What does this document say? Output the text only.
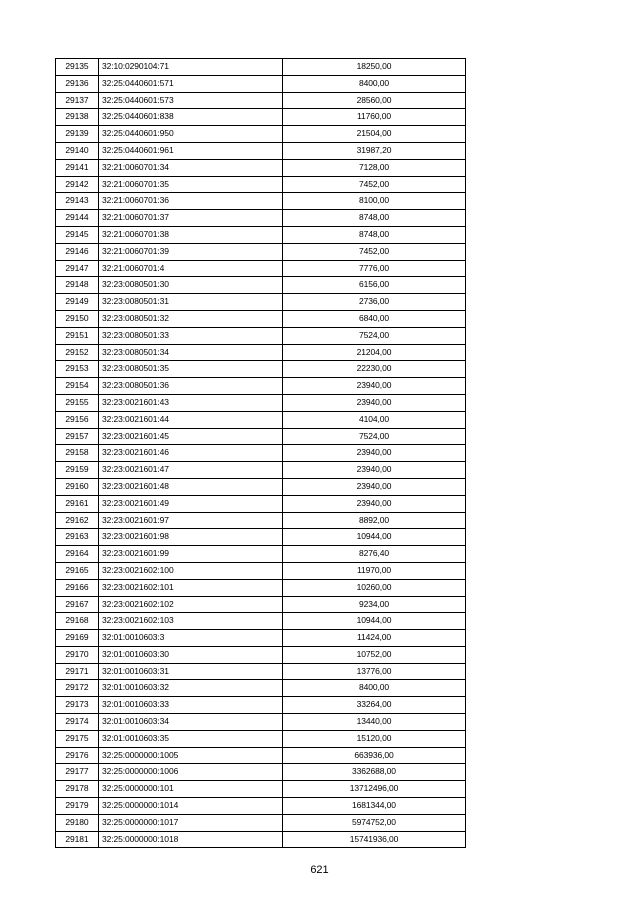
29135	32:10:0290104:71	18250,00
29136	32:25:0440601:571	8400,00
29137	32:25:0440601:573	28560,00
29138	32:25:0440601:838	11760,00
29139	32:25:0440601:950	21504,00
29140	32:25:0440601:961	31987,20
29141	32:21:0060701:34	7128,00
29142	32:21:0060701:35	7452,00
29143	32:21:0060701:36	8100,00
29144	32:21:0060701:37	8748,00
29145	32:21:0060701:38	8748,00
29146	32:21:0060701:39	7452,00
29147	32:21:0060701:4	7776,00
29148	32:23:0080501:30	6156,00
29149	32:23:0080501:31	2736,00
29150	32:23:0080501:32	6840,00
29151	32:23:0080501:33	7524,00
29152	32:23:0080501:34	21204,00
29153	32:23:0080501:35	22230,00
29154	32:23:0080501:36	23940,00
29155	32:23:0021601:43	23940,00
29156	32:23:0021601:44	4104,00
29157	32:23:0021601:45	7524,00
29158	32:23:0021601:46	23940,00
29159	32:23:0021601:47	23940,00
29160	32:23:0021601:48	23940,00
29161	32:23:0021601:49	23940,00
29162	32:23:0021601:97	8892,00
29163	32:23:0021601:98	10944,00
29164	32:23:0021601:99	8276,40
29165	32:23:0021602:100	11970,00
29166	32:23:0021602:101	10260,00
29167	32:23:0021602:102	9234,00
29168	32:23:0021602:103	10944,00
29169	32:01:0010603:3	11424,00
29170	32:01:0010603:30	10752,00
29171	32:01:0010603:31	13776,00
29172	32:01:0010603:32	8400,00
29173	32:01:0010603:33	33264,00
29174	32:01:0010603:34	13440,00
29175	32:01:0010603:35	15120,00
29176	32:25:0000000:1005	663936,00
29177	32:25:0000000:1006	3362688,00
29178	32:25:0000000:101	13712496,00
29179	32:25:0000000:1014	1681344,00
29180	32:25:0000000:1017	5974752,00
29181	32:25:0000000:1018	15741936,00
621
